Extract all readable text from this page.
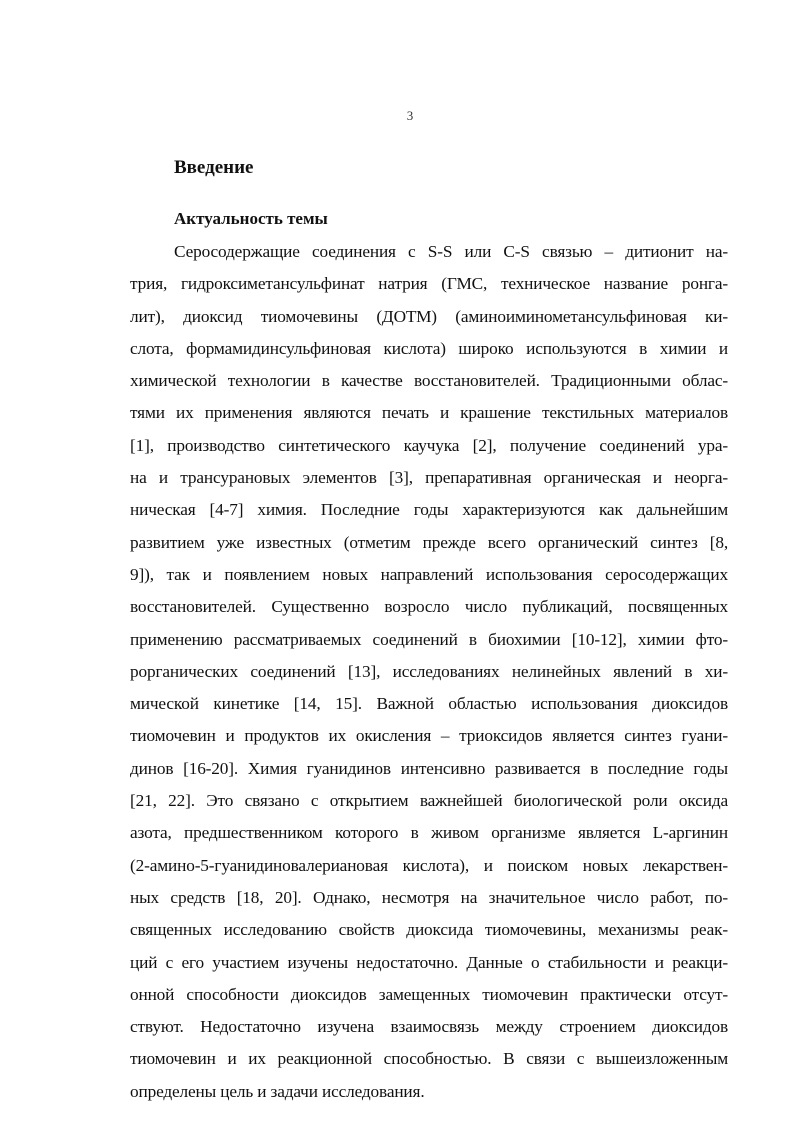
3
Введение
Актуальность темы
Серосодержащие соединения с S-S или C-S связью – дитионит на-
трия, гидроксиметансульфинат натрия (ГМС, техническое название ронга-
лит), диоксид тиомочевины (ДОТМ) (аминоиминометансульфиновая ки-
слота, формамидинсульфиновая кислота) широко используются в химии и
химической технологии в качестве восстановителей. Традиционными облас-
тями их применения являются печать и крашение текстильных материалов
[1], производство синтетического каучука [2], получение соединений ура-
на и трансурановых элементов [3], препаративная органическая и неорга-
ническая [4-7] химия. Последние годы характеризуются как дальнейшим
развитием уже известных (отметим прежде всего органический синтез [8,
9]), так и появлением новых направлений использования серосодержащих
восстановителей. Существенно возросло число публикаций, посвященных
применению рассматриваемых соединений в биохимии [10-12], химии фто-
рорганических соединений [13], исследованиях нелинейных явлений в хи-
мической кинетике [14, 15]. Важной областью использования диоксидов
тиомочевин и продуктов их окисления – триоксидов является синтез гуани-
динов [16-20]. Химия гуанидинов интенсивно развивается в последние годы
[21, 22]. Это связано с открытием важнейшей биологической роли оксида
азота, предшественником которого в живом организме является L-аргинин
(2-амино-5-гуанидиновалериановая кислота), и поиском новых лекарствен-
ных средств [18, 20]. Однако, несмотря на значительное число работ, по-
священных исследованию свойств диоксида тиомочевины, механизмы реак-
ций с его участием изучены недостаточно. Данные о стабильности и реакци-
онной способности диоксидов замещенных тиомочевин практически отсут-
ствуют. Недостаточно изучена взаимосвязь между строением диоксидов
тиомочевин и их реакционной способностью. В связи с вышеизложенным
определены цель и задачи исследования.
